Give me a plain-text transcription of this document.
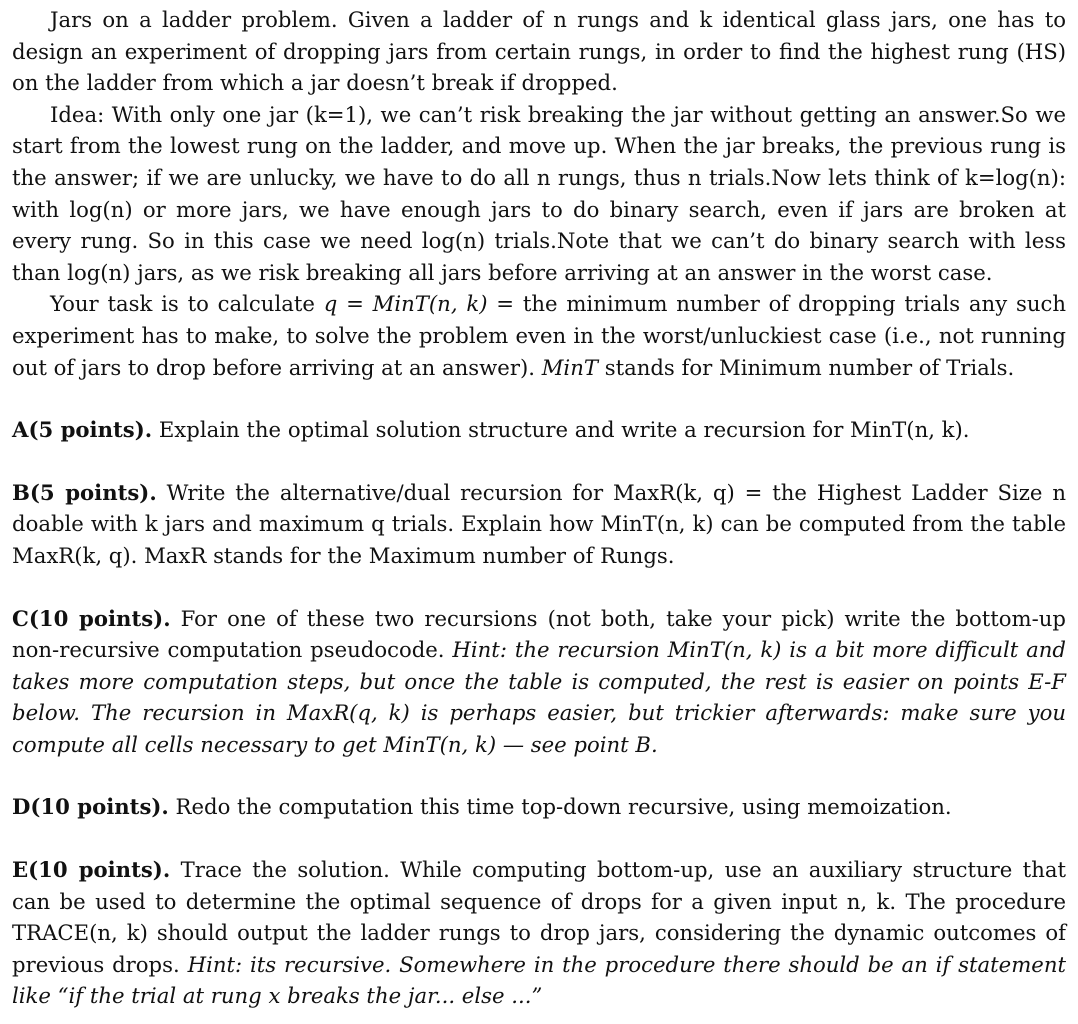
Jars on a ladder problem. Given a ladder of n rungs and k identical glass jars, one has to design an experiment of dropping jars from certain rungs, in order to find the highest rung (HS) on the ladder from which a jar doesn’t break if dropped.

Idea: With only one jar (k=1), we can’t risk breaking the jar without getting an answer.So we start from the lowest rung on the ladder, and move up. When the jar breaks, the previous rung is the answer; if we are unlucky, we have to do all n rungs, thus n trials.Now lets think of k=log(n): with log(n) or more jars, we have enough jars to do binary search, even if jars are broken at every rung. So in this case we need log(n) trials.Note that we can’t do binary search with less than log(n) jars, as we risk breaking all jars before arriving at an answer in the worst case.

Your task is to calculate q = MinT(n, k) = the minimum number of dropping trials any such experiment has to make, to solve the problem even in the worst/unluckiest case (i.e., not running out of jars to drop before arriving at an answer). MinT stands for Minimum number of Trials.

A(5 points). Explain the optimal solution structure and write a recursion for MinT(n, k).

B(5 points). Write the alternative/dual recursion for MaxR(k, q) = the Highest Ladder Size n doable with k jars and maximum q trials. Explain how MinT(n, k) can be computed from the table MaxR(k, q). MaxR stands for the Maximum number of Rungs.

C(10 points). For one of these two recursions (not both, take your pick) write the bottom-up non-recursive computation pseudocode. Hint: the recursion MinT(n, k) is a bit more difficult and takes more computation steps, but once the table is computed, the rest is easier on points E-F below. The recursion in MaxR(q, k) is perhaps easier, but trickier afterwards: make sure you compute all cells necessary to get MinT(n, k) — see point B.

D(10 points). Redo the computation this time top-down recursive, using memoization.

E(10 points). Trace the solution. While computing bottom-up, use an auxiliary structure that can be used to determine the optimal sequence of drops for a given input n, k. The procedure TRACE(n, k) should output the ladder rungs to drop jars, considering the dynamic outcomes of previous drops. Hint: its recursive. Somewhere in the procedure there should be an if statement like “if the trial at rung x breaks the jar... else ...”
